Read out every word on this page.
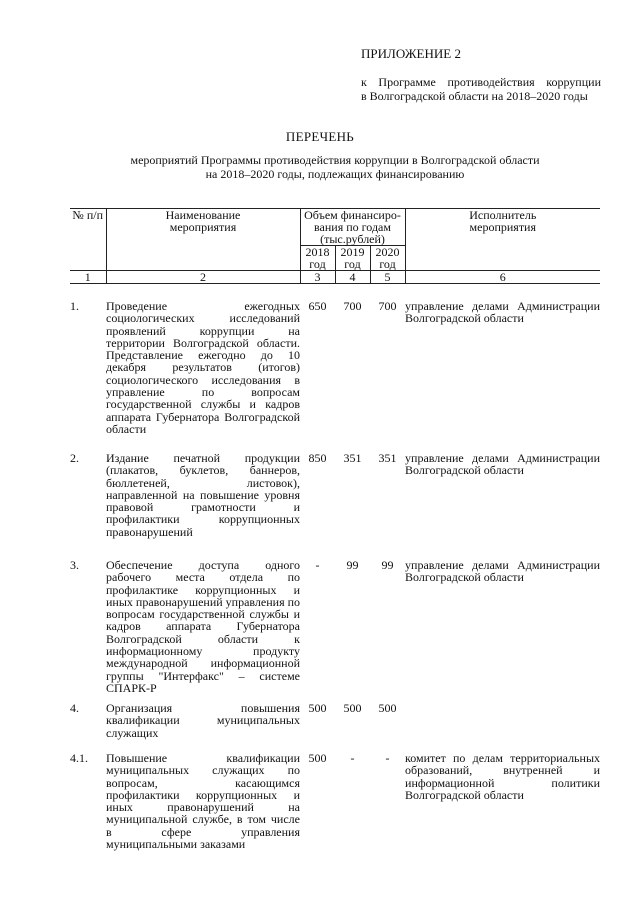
ПРИЛОЖЕНИЕ 2
к Программе противодействия коррупции
в Волгоградской области на 2018–2020 годы
ПЕРЕЧЕНЬ
мероприятий Программы противодействия коррупции в Волгоградской области
на 2018–2020 годы, подлежащих финансированию
№ п/п	Наименование мероприятия	Объем финансиро-вания по годам (тыс.рублей)			Исполнитель мероприятия
		2018 год	2019 год	2020 год	
1	2	3	4	5	6
1.	Проведение ежегодных социологических исследований проявлений коррупции на территории Волгоградской области. Представление ежегодно до 10 декабря результатов (итогов) социологического исследования в управление по вопросам государственной службы и кадров аппарата Губернатора Волгоградской области	650	700	700	управление делами Администрации Волгоградской области
2.	Издание печатной продукции (плакатов, буклетов, баннеров, бюллетеней, листовок), направленной на повышение уровня правовой грамотности и профилактики коррупционных правонарушений	850	351	351	управление делами Администрации Волгоградской области
3.	Обеспечение доступа одного рабочего места отдела по профилактике коррупционных и иных правонарушений управления по вопросам государственной службы и кадров аппарата Губернатора Волгоградской области к информационному продукту международной информационной группы "Интерфакс" – системе СПАРК-Р	-	99	99	управление делами Администрации Волгоградской области
4.	Организация повышения квалификации муниципальных служащих	500	500	500	
4.1.	Повышение квалификации муниципальных служащих по вопросам, касающимся профилактики коррупционных и иных правонарушений на муниципальной службе, в том числе в сфере управления муниципальными заказами	500	-	-	комитет по делам территориальных образований, внутренней и информационной политики Волгоградской области
